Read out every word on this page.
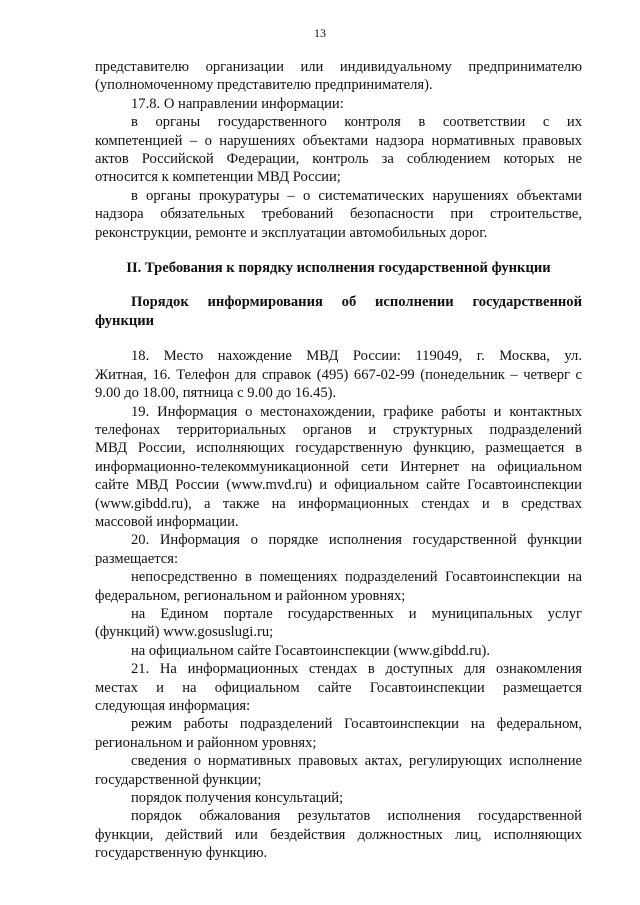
13
представителю организации или индивидуальному предпринимателю
(уполномоченному представителю предпринимателя).
17.8. О направлении информации:
в органы государственного контроля в соответствии с их
компетенцией – о нарушениях объектами надзора нормативных правовых
актов Российской Федерации, контроль за соблюдением которых не
относится к компетенции МВД России;
в органы прокуратуры – о систематических нарушениях объектами
надзора обязательных требований безопасности при строительстве,
реконструкции, ремонте и эксплуатации автомобильных дорог.
II. Требования к порядку исполнения государственной функции
Порядок информирования об исполнении государственной
функции
18. Место нахождение МВД России: 119049, г. Москва, ул.
Житная, 16. Телефон для справок (495) 667-02-99 (понедельник – четверг с
9.00 до 18.00, пятница с 9.00 до 16.45).
19. Информация о местонахождении, графике работы и контактных
телефонах территориальных органов и структурных подразделений
МВД России, исполняющих государственную функцию, размещается в
информационно-телекоммуникационной сети Интернет на официальном
сайте МВД России (www.mvd.ru) и официальном сайте Госавтоинспекции
(www.gibdd.ru), а также на информационных стендах и в средствах
массовой информации.
20. Информация о порядке исполнения государственной функции
размещается:
непосредственно в помещениях подразделений Госавтоинспекции на
федеральном, региональном и районном уровнях;
на Едином портале государственных и муниципальных услуг
(функций) www.gosuslugi.ru;
на официальном сайте Госавтоинспекции (www.gibdd.ru).
21. На информационных стендах в доступных для ознакомления
местах и на официальном сайте Госавтоинспекции размещается
следующая информация:
режим работы подразделений Госавтоинспекции на федеральном,
региональном и районном уровнях;
сведения о нормативных правовых актах, регулирующих исполнение
государственной функции;
порядок получения консультаций;
порядок обжалования результатов исполнения государственной
функции, действий или бездействия должностных лиц, исполняющих
государственную функцию.
